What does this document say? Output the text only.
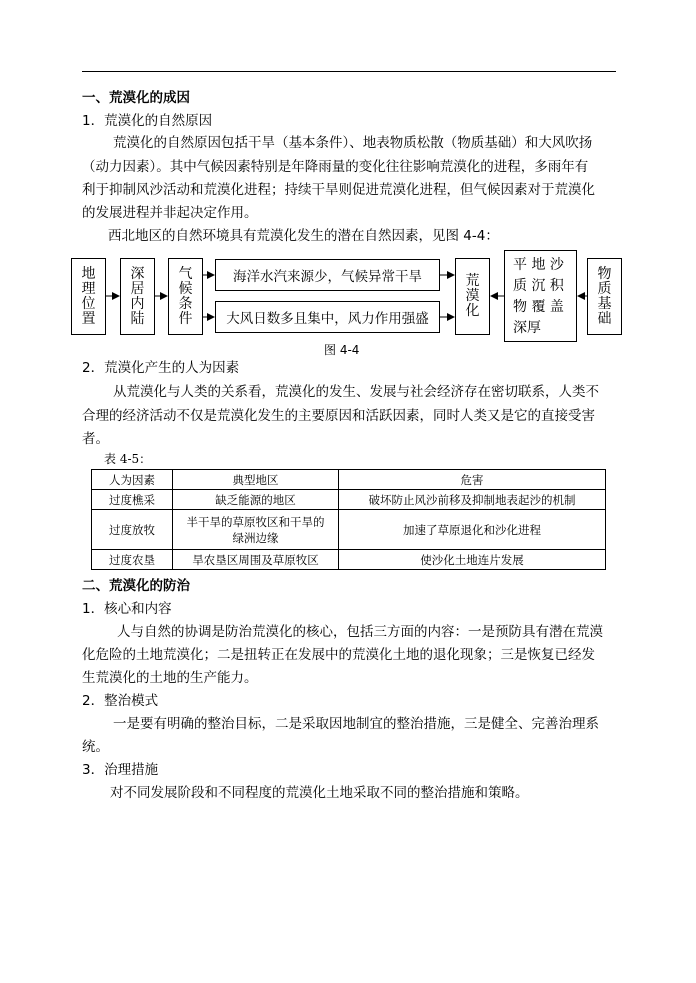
一、荒漠化的成因
1．荒漠化的自然原因
荒漠化的自然原因包括干旱（基本条件）、地表物质松散（物质基础）和大风吹扬
（动力因素）。其中气候因素特别是年降雨量的变化往往影响荒漠化的进程，多雨年有
利于抑制风沙活动和荒漠化进程；持续干旱则促进荒漠化进程，但气候因素对于荒漠化
的发展进程并非起决定作用。
西北地区的自然环境具有荒漠化发生的潜在自然因素，见图 4-4：
地
理
位
置
深
居
内
陆
气
候
条
件
海洋水汽来源少，气候异常干旱
大风日数多且集中，风力作用强盛
荒
漠
化
平 地 沙
质 沉 积
物 覆 盖
深厚
物
质
基
础
图 4-4
2．荒漠化产生的人为因素
从荒漠化与人类的关系看，荒漠化的发生、发展与社会经济存在密切联系，人类不
合理的经济活动不仅是荒漠化发生的主要原因和活跃因素，同时人类又是它的直接受害
者。
表 4-5：
人为因素	典型地区	危害
过度樵采	缺乏能源的地区	破坏防止风沙前移及抑制地表起沙的机制
过度放牧	半干旱的草原牧区和干旱的
绿洲边缘	加速了草原退化和沙化进程
过度农垦	旱农垦区周围及草原牧区	使沙化土地连片发展
二、荒漠化的防治
1．核心和内容
人与自然的协调是防治荒漠化的核心，包括三方面的内容：一是预防具有潜在荒漠
化危险的土地荒漠化；二是扭转正在发展中的荒漠化土地的退化现象；三是恢复已经发
生荒漠化的土地的生产能力。
2．整治模式
一是要有明确的整治目标，二是采取因地制宜的整治措施，三是健全、完善治理系
统。
3．治理措施
对不同发展阶段和不同程度的荒漠化土地采取不同的整治措施和策略。
